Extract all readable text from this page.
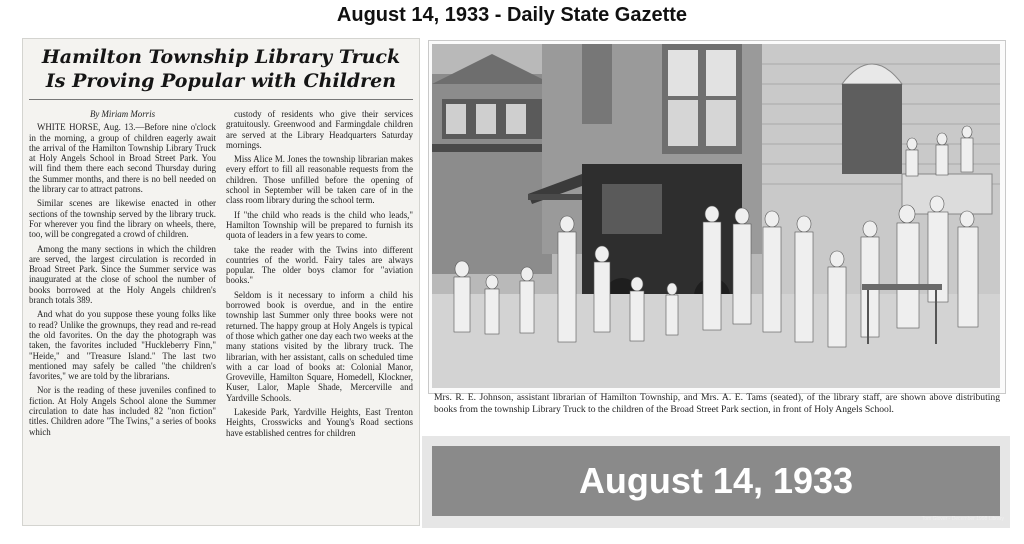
August 14, 1933 - Daily State Gazette
Hamilton Township Library Truck
Is Proving Popular with Children

By Miriam Morris

WHITE HORSE, Aug. 13.—Before nine o'clock in the morning, a group of children eagerly await the arrival of the Hamilton Township Library Truck at Holy Angels School in Broad Street Park. You will find them there each second Thursday during the Summer months, and there is no bell needed on the library car to attract patrons.

Similar scenes are likewise enacted in other sections of the township served by the library truck. For wherever you find the library on wheels, there, too, will be congregated a crowd of children.

Among the many sections in which the children are served, the largest circulation is recorded in Broad Street Park. Since the Summer service was inaugurated at the close of school the number of books borrowed at the Holy Angels children's branch totals 389.

And what do you suppose these young folks like to read? Unlike the grownups, they read and re-read the old favorites. On the day the photograph was taken, the favorites included "Huckleberry Finn," "Heide," and "Treasure Island." The last two mentioned may safely be called "the children's favorites," we are told by the librarians.

Nor is the reading of these juveniles confined to fiction. At Holy Angels School alone the Summer circulation to date has included 82 "non fiction" titles. Children adore "The Twins," a series of books which

custody of residents who give their services gratuitously. Greenwood and Farmingdale children are served at the Library Headquarters Saturday mornings.

Miss Alice M. Jones the township librarian makes every effort to fill all reasonable requests from the children. Those unfilled before the opening of school in September will be taken care of in the class room library during the school term.

If "the child who reads is the child who leads," Hamilton Township will be prepared to furnish its quota of leaders in a few years to come.

take the reader with the Twins into different countries of the world. Fairy tales are always popular. The older boys clamor for "aviation books."

Seldom is it necessary to inform a child his borrowed book is overdue, and in the entire township last Summer only three books were not returned. The happy group at Holy Angels is typical of those which gather one day each two weeks at the many stations visited by the library truck. The librarian, with her assistant, calls on scheduled time with a car load of books at: Colonial Manor, Groveville, Hamilton Square, Homedell, Klockner, Kuser, Lalor, Maple Shade, Mercerville and Yardville Schools.

Lakeside Park, Yardville Heights, East Trenton Heights, Crosswicks and Young's Road sections have established centres for children

Mrs. R. E. Johnson, assistant librarian of Hamilton Township, and Mrs. A. E. Tams (seated), of the library staff, are shown above distributing books from the township Library Truck to the children of the Broad Street Park section, in front of Holy Angels School.
August 14, 1933
Tom Glover - December 1998 Library
